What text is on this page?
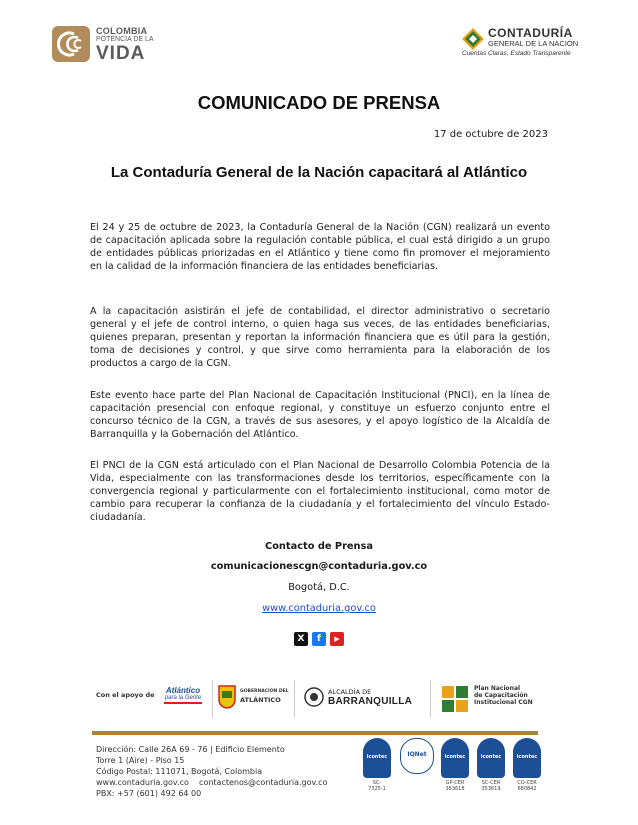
COLOMBIA
POTENCIA DE LA
VIDA
CONTADURÍA
GENERAL DE LA NACIÓN
Cuentas Claras, Estado Transparente
COMUNICADO DE PRENSA
17 de octubre de 2023
La Contaduría General de la Nación capacitará al Atlántico
El 24 y 25 de octubre de 2023, la Contaduría General de la Nación (CGN) realizará un evento de capacitación aplicada sobre la regulación contable pública, el cual está dirigido a un grupo de entidades públicas priorizadas en el Atlántico y tiene como fin promover el mejoramiento en la calidad de la información financiera de las entidades beneficiarias.
A la capacitación asistirán el jefe de contabilidad, el director administrativo o secretario general y el jefe de control interno, o quien haga sus veces, de las entidades beneficiarias, quienes preparan, presentan y reportan la información financiera que es útil para la gestión, toma de decisiones y control, y que sirve como herramienta para la elaboración de los productos a cargo de la CGN.
Este evento hace parte del Plan Nacional de Capacitación Institucional (PNCI), en la línea de capacitación presencial con enfoque regional, y constituye un esfuerzo conjunto entre el concurso técnico de la CGN, a través de sus asesores, y el apoyo logístico de la Alcaldía de Barranquilla y la Gobernación del Atlántico.
El PNCI de la CGN está articulado con el Plan Nacional de Desarrollo Colombia Potencia de la Vida, especialmente con las transformaciones desde los territorios, específicamente con la convergencia regional y particularmente con el fortalecimiento institucional, como motor de cambio para recuperar la confianza de la ciudadanía y el fortalecimiento del vínculo Estado-ciudadanía.
Contacto de Prensa
comunicacionescgn@contaduria.gov.co
Bogotá, D.C.
www.contaduria.gov.co
X	f	▶
Con el apoyo de	Atlántico
para la Gente
GOBERNACIÓN DEL
ATLÁNTICO
ALCALDÍA DE
BARRANQUILLA
Plan Nacional
de Capacitación
Institucional CGN
Dirección: Calle 26A 69 - 76 | Edificio Elemento
Torre 1 (Aire) - Piso 15
Código Postal: 111071, Bogotá, Colombia
www.contaduria.gov.co    contactenos@contaduria.gov.co
PBX: +57 (601) 492 64 00
icontec
SC-
7325-1
IQNet	icontec
GP-CER
353618
icontec
SC-CER
353619
icontec
CO-CER
680842
